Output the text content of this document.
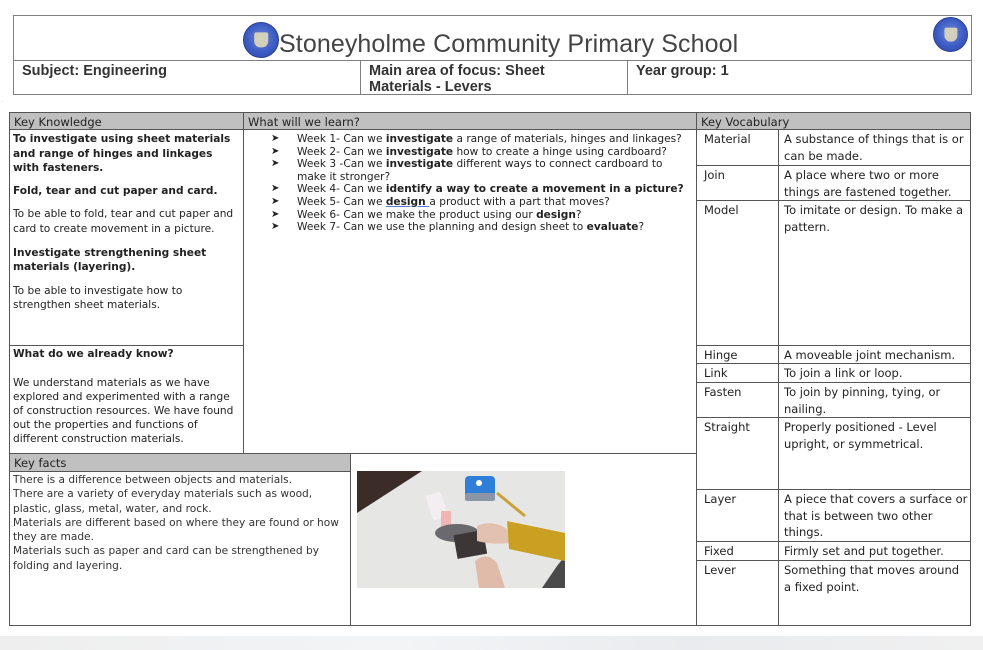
Stoneyholme Community Primary School
Subject: Engineering	Main area of focus: Sheet
Materials - Levers
Year group: 1
˙
Key Knowledge	What will we learn?	Key Vocabulary
Key facts
To investigate using sheet materials and range of hinges and linkages with fasteners.
Fold, tear and cut paper and card.
To be able to fold, tear and cut paper and card to create movement in a picture.
Investigate strengthening sheet materials (layering).
To be able to investigate how to strengthen sheet materials.
What do we already know?
We understand materials as we have explored and experimented with a range of construction resources. We have found out the properties and functions of different construction materials.
➤ Week 1- Can we investigate a range of materials, hinges and linkages?
➤ Week 2- Can we investigate how to create a hinge using cardboard?
➤ Week 3 -Can we investigate different ways to connect cardboard to make it stronger?
➤ Week 4- Can we identify a way to create a movement in a picture?
➤ Week 5- Can we design a product with a part that moves?
➤ Week 6- Can we make the product using our design?
➤ Week 7- Can we use the planning and design sheet to evaluate?
There is a difference between objects and materials.
There are a variety of everyday materials such as wood, plastic, glass, metal, water, and rock.
Materials are different based on where they are found or how they are made.
Materials such as paper and card can be strengthened by folding and layering.
Material	A substance of things that is or can be made.
Join	A place where two or more things are fastened together.
Model	To imitate or design. To make a pattern.
Hinge	A moveable joint mechanism.
Link	To join a link or loop.
Fasten	To join by pinning, tying, or nailing.
Straight	Properly positioned - Level upright, or symmetrical.
Layer	A piece that covers a surface or that is between two other things.
Fixed	Firmly set and put together.
Lever	Something that moves around a fixed point.
